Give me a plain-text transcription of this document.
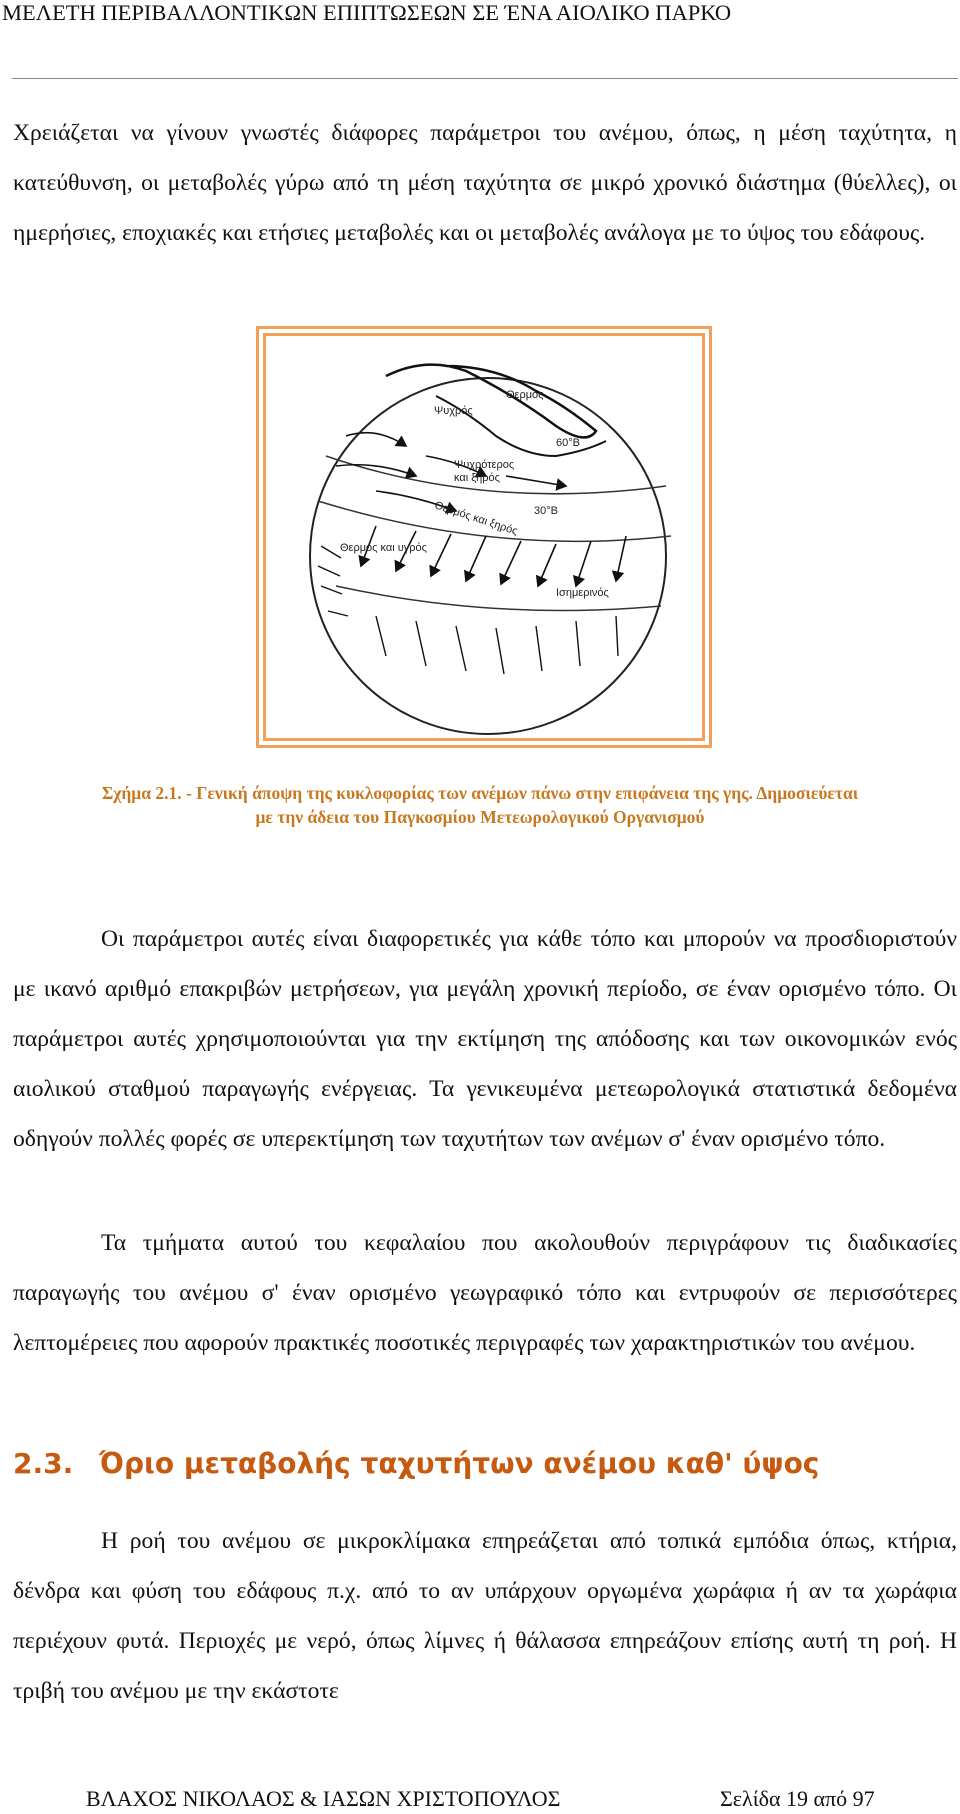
ΜΕΛΕΤΗ ΠΕΡΙΒΑΛΛΟΝΤΙΚΩΝ ΕΠΙΠΤΩΣΕΩΝ ΣΕ ΈΝΑ ΑΙΟΛΙΚΟ ΠΑΡΚΟ

Χρειάζεται να γίνουν γνωστές διάφορες παράμετροι του ανέμου, όπως, η μέση ταχύτητα, η κατεύθυνση, οι μεταβολές γύρω από τη μέση ταχύτητα σε μικρό χρονικό διάστημα (θύελλες), οι ημερήσιες, εποχιακές και ετήσιες μεταβολές και οι μεταβολές ανάλογα με το ύψος του εδάφους.

Θερμός
Ψυχρός
60°Β
Ψυχρότερος
και ξηρός
Θερμός και ξηρός 30°Β
Θερμός και υγρός
Ισημερινός
Σχήμα 2.1. - Γενική άποψη της κυκλοφορίας των ανέμων πάνω στην επιφάνεια της γης. Δημοσιεύεται
με την άδεια του Παγκοσμίου Μετεωρολογικού Οργανισμού

Οι παράμετροι αυτές είναι διαφορετικές για κάθε τόπο και μπορούν να προσδιοριστούν με ικανό αριθμό επακριβών μετρήσεων, για μεγάλη χρονική περίοδο, σε έναν ορισμένο τόπο. Οι παράμετροι αυτές χρησιμοποιούνται για την εκτίμηση της απόδοσης και των οικονομικών ενός αιολικού σταθμού παραγωγής ενέργειας. Τα γενικευμένα μετεωρολογικά στατιστικά δεδομένα οδηγούν πολλές φορές σε υπερεκτίμηση των ταχυτήτων των ανέμων σ' έναν ορισμένο τόπο.

Τα τμήματα αυτού του κεφαλαίου που ακολουθούν περιγράφουν τις διαδικασίες παραγωγής του ανέμου σ' έναν ορισμένο γεωγραφικό τόπο και εντρυφούν σε περισσότερες λεπτομέρειες που αφορούν πρακτικές ποσοτικές περιγραφές των χαρακτηριστικών του ανέμου.

2.3. Όριο μεταβολής ταχυτήτων ανέμου καθ' ύψος

Η ροή του ανέμου σε μικροκλίμακα επηρεάζεται από τοπικά εμπόδια όπως, κτήρια, δένδρα και φύση του εδάφους π.χ. από το αν υπάρχουν οργωμένα χωράφια ή αν τα χωράφια περιέχουν φυτά. Περιοχές με νερό, όπως λίμνες ή θάλασσα επηρεάζουν επίσης αυτή τη ροή. Η τριβή του ανέμου με την εκάστοτε

ΒΛΑΧΟΣ ΝΙΚΟΛΑΟΣ & ΙΑΣΩΝ ΧΡΙΣΤΟΠΟΥΛΟΣ	Σελίδα 19 από 97
